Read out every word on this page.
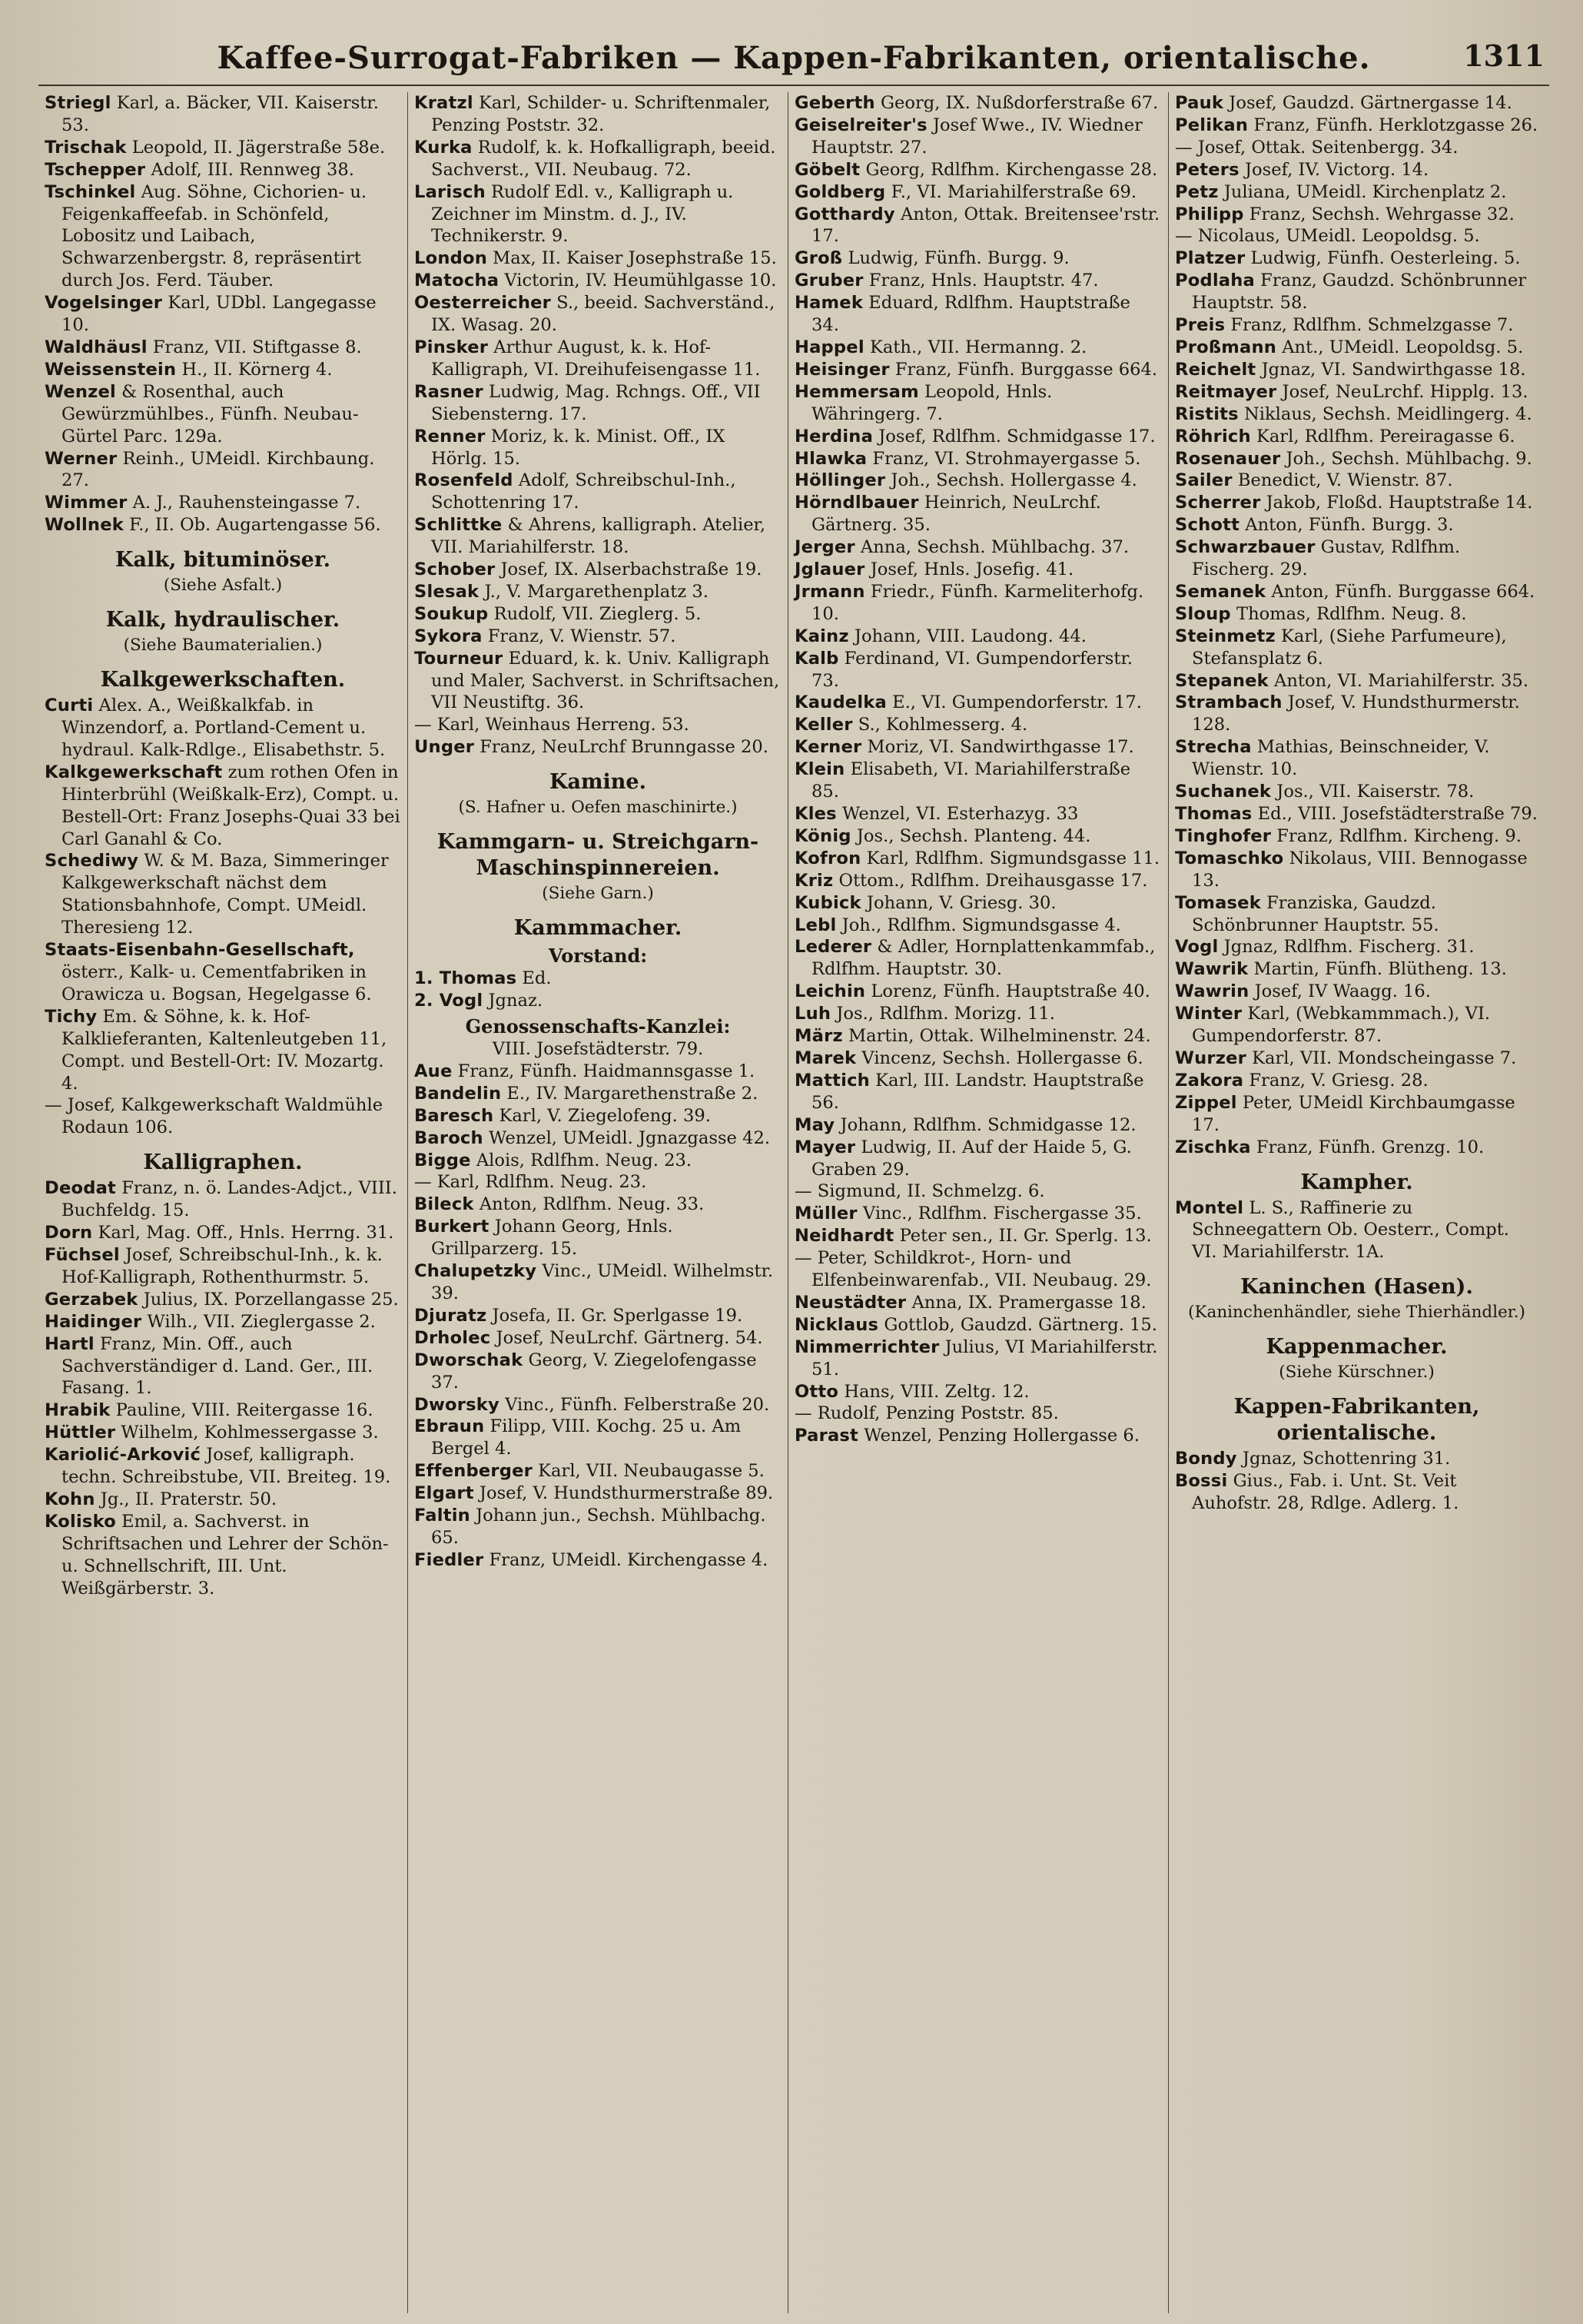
Kaffee-Surrogat-Fabriken — Kappen-Fabrikanten, orientalische.	1311

Striegl Karl, a. Bäcker, VII. Kaiserstr. 53.

Trischak Leopold, II. Jägerstraße 58e.

Tschepper Adolf, III. Rennweg 38.

Tschinkel Aug. Söhne, Cichorien- u. Feigenkaffeefab. in Schönfeld, Lobositz und Laibach, Schwarzenbergstr. 8, repräsentirt durch Jos. Ferd. Täuber.

Vogelsinger Karl, UDbl. Langegasse 10.

Waldhäusl Franz, VII. Stiftgasse 8.

Weissenstein H., II. Körnerg 4.

Wenzel & Rosenthal, auch Gewürzmühlbes., Fünfh. Neubau-Gürtel Parc. 129a.

Werner Reinh., UMeidl. Kirchbaung. 27.

Wimmer A. J., Rauhensteingasse 7.

Wollnek F., II. Ob. Augartengasse 56.

Kalk, bituminöser.
(Siehe Asfalt.)
Kalk, hydraulischer.
(Siehe Baumaterialien.)
Kalkgewerkschaften.

Curti Alex. A., Weißkalkfab. in Winzendorf, a. Portland-Cement u. hydraul. Kalk-Rdlge., Elisabethstr. 5.

Kalkgewerkschaft zum rothen Ofen in Hinterbrühl (Weißkalk-Erz), Compt. u. Bestell-Ort: Franz Josephs-Quai 33 bei Carl Ganahl & Co.

Schediwy W. & M. Baza, Simmeringer Kalkgewerkschaft nächst dem Stationsbahnhofe, Compt. UMeidl. Theresieng 12.

Staats-Eisenbahn-Gesellschaft, österr., Kalk- u. Cementfabriken in Orawicza u. Bogsan, Hegelgasse 6.

Tichy Em. & Söhne, k. k. Hof-Kalklieferanten, Kaltenleutgeben 11, Compt. und Bestell-Ort: IV. Mozartg. 4.

— Josef, Kalkgewerkschaft Waldmühle Rodaun 106.

Kalligraphen.

Deodat Franz, n. ö. Landes-Adjct., VIII. Buchfeldg. 15.

Dorn Karl, Mag. Off., Hnls. Herrng. 31.

Füchsel Josef, Schreibschul-Inh., k. k. Hof-Kalligraph, Rothenthurmstr. 5.

Gerzabek Julius, IX. Porzellangasse 25.

Haidinger Wilh., VII. Zieglergasse 2.

Hartl Franz, Min. Off., auch Sachverständiger d. Land. Ger., III. Fasang. 1.

Hrabik Pauline, VIII. Reitergasse 16.

Hüttler Wilhelm, Kohlmessergasse 3.

Kariolić-Arković Josef, kalligraph. techn. Schreibstube, VII. Breiteg. 19.

Kohn Jg., II. Praterstr. 50.

Kolisko Emil, a. Sachverst. in Schriftsachen und Lehrer der Schön- u. Schnellschrift, III. Unt. Weißgärberstr. 3.

Kratzl Karl, Schilder- u. Schriftenmaler, Penzing Poststr. 32.

Kurka Rudolf, k. k. Hofkalligraph, beeid. Sachverst., VII. Neubaug. 72.

Larisch Rudolf Edl. v., Kalligraph u. Zeichner im Minstm. d. J., IV. Technikerstr. 9.

London Max, II. Kaiser Josephstraße 15.

Matocha Victorin, IV. Heumühlgasse 10.

Oesterreicher S., beeid. Sachverständ., IX. Wasag. 20.

Pinsker Arthur August, k. k. Hof-Kalligraph, VI. Dreihufeisengasse 11.

Rasner Ludwig, Mag. Rchngs. Off., VII Siebensterng. 17.

Renner Moriz, k. k. Minist. Off., IX Hörlg. 15.

Rosenfeld Adolf, Schreibschul-Inh., Schottenring 17.

Schlittke & Ahrens, kalligraph. Atelier, VII. Mariahilferstr. 18.

Schober Josef, IX. Alserbachstraße 19.

Slesak J., V. Margarethenplatz 3.

Soukup Rudolf, VII. Zieglerg. 5.

Sykora Franz, V. Wienstr. 57.

Tourneur Eduard, k. k. Univ. Kalligraph und Maler, Sachverst. in Schriftsachen, VII Neustiftg. 36.

— Karl, Weinhaus Herreng. 53.

Unger Franz, NeuLrchf Brunngasse 20.

Kamine.
(S. Hafner u. Oefen maschinirte.)
Kammgarn- u. Streichgarn-Maschinspinnereien.
(Siehe Garn.)
Kammmacher.
Vorstand:

1. Thomas Ed.

2. Vogl Jgnaz.

Genossenschafts-Kanzlei:
VIII. Josefstädterstr. 79.

Aue Franz, Fünfh. Haidmannsgasse 1.

Bandelin E., IV. Margarethenstraße 2.

Baresch Karl, V. Ziegelofeng. 39.

Baroch Wenzel, UMeidl. Jgnazgasse 42.

Bigge Alois, Rdlfhm. Neug. 23.

— Karl, Rdlfhm. Neug. 23.

Bileck Anton, Rdlfhm. Neug. 33.

Burkert Johann Georg, Hnls. Grillparzerg. 15.

Chalupetzky Vinc., UMeidl. Wilhelmstr. 39.

Djuratz Josefa, II. Gr. Sperlgasse 19.

Drholec Josef, NeuLrchf. Gärtnerg. 54.

Dworschak Georg, V. Ziegelofengasse 37.

Dworsky Vinc., Fünfh. Felberstraße 20.

Ebraun Filipp, VIII. Kochg. 25 u. Am Bergel 4.

Effenberger Karl, VII. Neubaugasse 5.

Elgart Josef, V. Hundsthurmerstraße 89.

Faltin Johann jun., Sechsh. Mühlbachg. 65.

Fiedler Franz, UMeidl. Kirchengasse 4.

Geberth Georg, IX. Nußdorferstraße 67.

Geiselreiter's Josef Wwe., IV. Wiedner Hauptstr. 27.

Göbelt Georg, Rdlfhm. Kirchengasse 28.

Goldberg F., VI. Mariahilferstraße 69.

Gotthardy Anton, Ottak. Breitensee'rstr. 17.

Groß Ludwig, Fünfh. Burgg. 9.

Gruber Franz, Hnls. Hauptstr. 47.

Hamek Eduard, Rdlfhm. Hauptstraße 34.

Happel Kath., VII. Hermanng. 2.

Heisinger Franz, Fünfh. Burggasse 664.

Hemmersam Leopold, Hnls. Währingerg. 7.

Herdina Josef, Rdlfhm. Schmidgasse 17.

Hlawka Franz, VI. Strohmayergasse 5.

Höllinger Joh., Sechsh. Hollergasse 4.

Hörndlbauer Heinrich, NeuLrchf. Gärtnerg. 35.

Jerger Anna, Sechsh. Mühlbachg. 37.

Jglauer Josef, Hnls. Josefig. 41.

Jrmann Friedr., Fünfh. Karmeliterhofg. 10.

Kainz Johann, VIII. Laudong. 44.

Kalb Ferdinand, VI. Gumpendorferstr. 73.

Kaudelka E., VI. Gumpendorferstr. 17.

Keller S., Kohlmesserg. 4.

Kerner Moriz, VI. Sandwirthgasse 17.

Klein Elisabeth, VI. Mariahilferstraße 85.

Kles Wenzel, VI. Esterhazyg. 33

König Jos., Sechsh. Planteng. 44.

Kofron Karl, Rdlfhm. Sigmundsgasse 11.

Kriz Ottom., Rdlfhm. Dreihausgasse 17.

Kubick Johann, V. Griesg. 30.

Lebl Joh., Rdlfhm. Sigmundsgasse 4.

Lederer & Adler, Hornplattenkammfab., Rdlfhm. Hauptstr. 30.

Leichin Lorenz, Fünfh. Hauptstraße 40.

Luh Jos., Rdlfhm. Morizg. 11.

März Martin, Ottak. Wilhelminenstr. 24.

Marek Vincenz, Sechsh. Hollergasse 6.

Mattich Karl, III. Landstr. Hauptstraße 56.

May Johann, Rdlfhm. Schmidgasse 12.

Mayer Ludwig, II. Auf der Haide 5, G. Graben 29.

— Sigmund, II. Schmelzg. 6.

Müller Vinc., Rdlfhm. Fischergasse 35.

Neidhardt Peter sen., II. Gr. Sperlg. 13.

— Peter, Schildkrot-, Horn- und Elfenbeinwarenfab., VII. Neubaug. 29.

Neustädter Anna, IX. Pramergasse 18.

Nicklaus Gottlob, Gaudzd. Gärtnerg. 15.

Nimmerrichter Julius, VI Mariahilferstr. 51.

Otto Hans, VIII. Zeltg. 12.

— Rudolf, Penzing Poststr. 85.

Parast Wenzel, Penzing Hollergasse 6.

Pauk Josef, Gaudzd. Gärtnergasse 14.

Pelikan Franz, Fünfh. Herklotzgasse 26.

— Josef, Ottak. Seitenbergg. 34.

Peters Josef, IV. Victorg. 14.

Petz Juliana, UMeidl. Kirchenplatz 2.

Philipp Franz, Sechsh. Wehrgasse 32.

— Nicolaus, UMeidl. Leopoldsg. 5.

Platzer Ludwig, Fünfh. Oesterleing. 5.

Podlaha Franz, Gaudzd. Schönbrunner Hauptstr. 58.

Preis Franz, Rdlfhm. Schmelzgasse 7.

Proßmann Ant., UMeidl. Leopoldsg. 5.

Reichelt Jgnaz, VI. Sandwirthgasse 18.

Reitmayer Josef, NeuLrchf. Hipplg. 13.

Ristits Niklaus, Sechsh. Meidlingerg. 4.

Röhrich Karl, Rdlfhm. Pereiragasse 6.

Rosenauer Joh., Sechsh. Mühlbachg. 9.

Sailer Benedict, V. Wienstr. 87.

Scherrer Jakob, Floßd. Hauptstraße 14.

Schott Anton, Fünfh. Burgg. 3.

Schwarzbauer Gustav, Rdlfhm. Fischerg. 29.

Semanek Anton, Fünfh. Burggasse 664.

Sloup Thomas, Rdlfhm. Neug. 8.

Steinmetz Karl, (Siehe Parfumeure), Stefansplatz 6.

Stepanek Anton, VI. Mariahilferstr. 35.

Strambach Josef, V. Hundsthurmerstr. 128.

Strecha Mathias, Beinschneider, V. Wienstr. 10.

Suchanek Jos., VII. Kaiserstr. 78.

Thomas Ed., VIII. Josefstädterstraße 79.

Tinghofer Franz, Rdlfhm. Kircheng. 9.

Tomaschko Nikolaus, VIII. Bennogasse 13.

Tomasek Franziska, Gaudzd. Schönbrunner Hauptstr. 55.

Vogl Jgnaz, Rdlfhm. Fischerg. 31.

Wawrik Martin, Fünfh. Blütheng. 13.

Wawrin Josef, IV Waagg. 16.

Winter Karl, (Webkammmach.), VI. Gumpendorferstr. 87.

Wurzer Karl, VII. Mondscheingasse 7.

Zakora Franz, V. Griesg. 28.

Zippel Peter, UMeidl Kirchbaumgasse 17.

Zischka Franz, Fünfh. Grenzg. 10.

Kampher.

Montel L. S., Raffinerie zu Schneegattern Ob. Oesterr., Compt. VI. Mariahilferstr. 1A.

Kaninchen (Hasen).
(Kaninchenhändler, siehe Thierhändler.)
Kappenmacher.
(Siehe Kürschner.)
Kappen-Fabrikanten, orientalische.

Bondy Jgnaz, Schottenring 31.

Bossi Gius., Fab. i. Unt. St. Veit Auhofstr. 28, Rdlge. Adlerg. 1.
